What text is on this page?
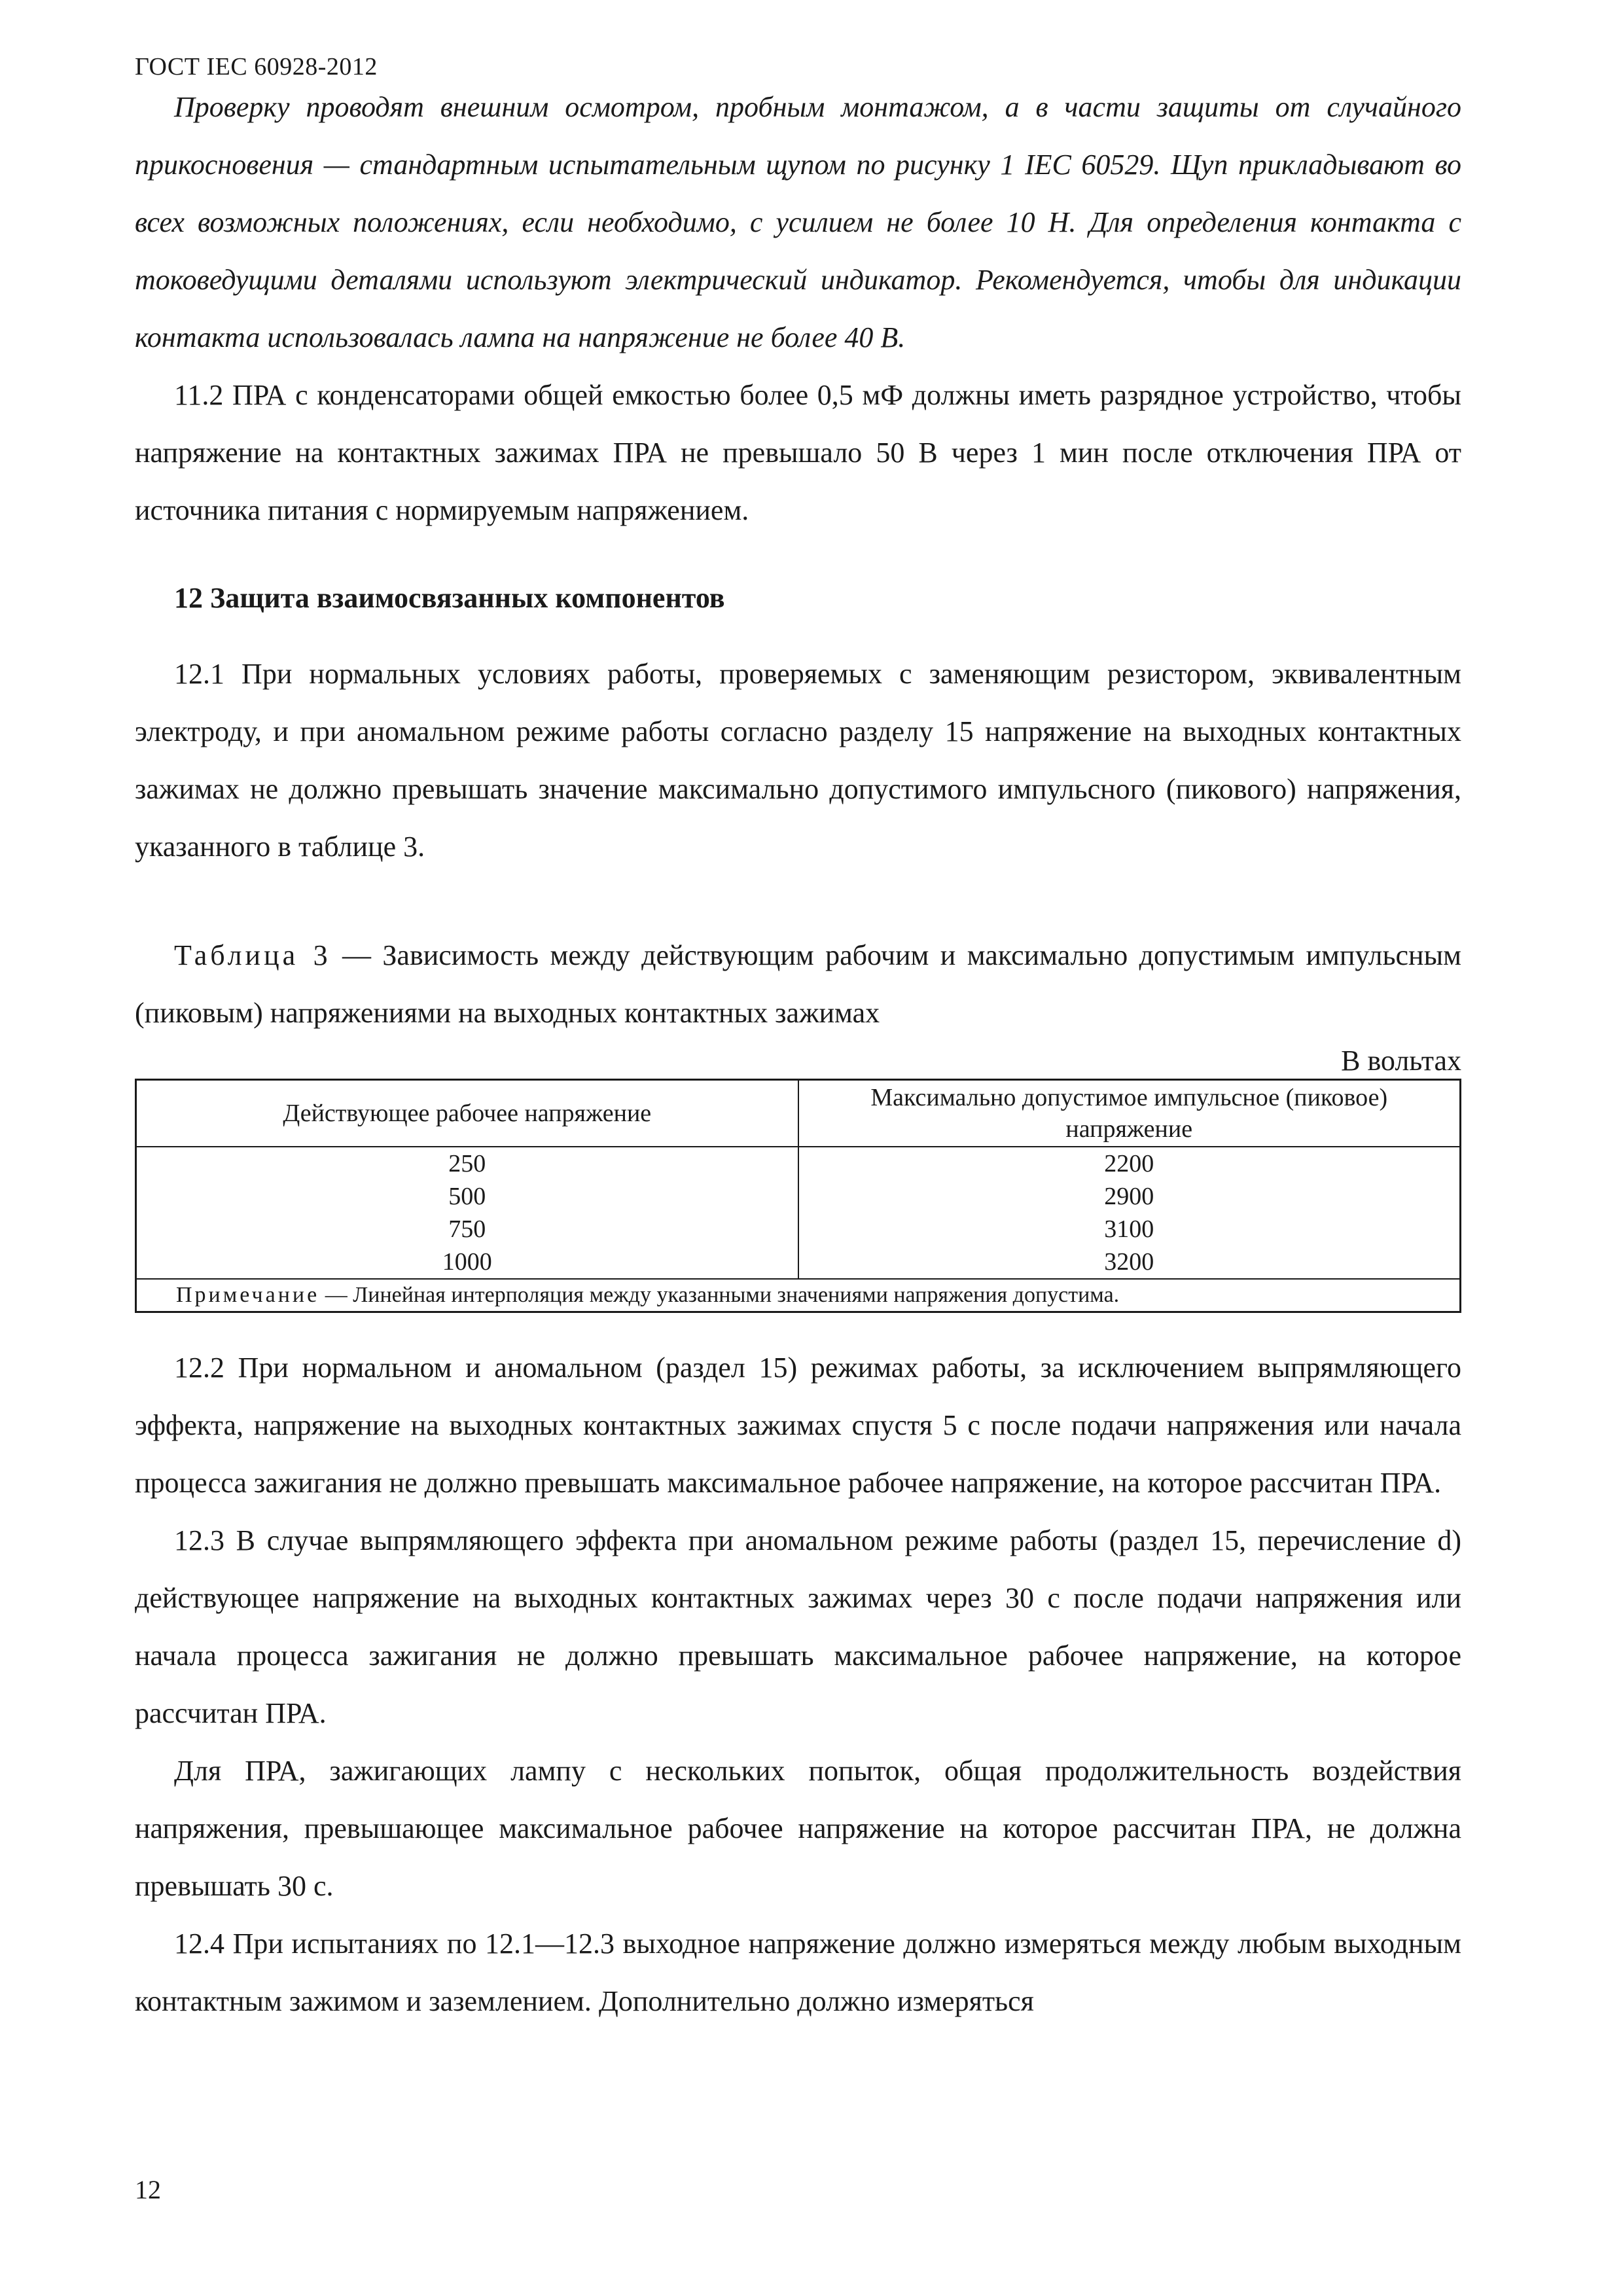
ГОСТ IEC 60928-2012

Проверку проводят внешним осмотром, пробным монтажом, а в части защиты от случайного прикосновения — стандартным испытательным щупом по рисунку 1 IEC 60529. Щуп прикладывают во всех возможных положениях, если необходимо, с усилием не более 10 Н. Для определения контакта с токоведущими деталями используют электрический индикатор. Рекомендуется, чтобы для индикации контакта использовалась лампа на напряжение не более 40 В.

11.2 ПРА с конденсаторами общей емкостью более 0,5 мФ должны иметь разрядное устройство, чтобы напряжение на контактных зажимах ПРА не превышало 50 В через 1 мин после отключения ПРА от источника питания с нормируемым напряжением.

12 Защита взаимосвязанных компонентов

12.1 При нормальных условиях работы, проверяемых с заменяющим резистором, эквивалентным электроду, и при аномальном режиме работы согласно разделу 15 напряжение на выходных контактных зажимах не должно превышать значение максимально допустимого импульсного (пикового) напряжения, указанного в таблице 3.

Таблица 3 — Зависимость между действующим рабочим и максимально допустимым импульсным (пиковым) напряжениями на выходных контактных зажимах

В вольтах
Действующее рабочее напряжение	Максимально допустимое импульсное (пиковое) напряжение
250	2200
500	2900
750	3100
1000	3200
Примечание — Линейная интерполяция между указанными значениями напряжения допустима.	

12.2 При нормальном и аномальном (раздел 15) режимах работы, за исключением выпрямляющего эффекта, напряжение на выходных контактных зажимах спустя 5 с после подачи напряжения или начала процесса зажигания не должно превышать максимальное рабочее напряжение, на которое рассчитан ПРА.

12.3 В случае выпрямляющего эффекта при аномальном режиме работы (раздел 15, перечисление d) действующее напряжение на выходных контактных зажимах через 30 с после подачи напряжения или начала процесса зажигания не должно превышать максимальное рабочее напряжение, на которое рассчитан ПРА.

Для ПРА, зажигающих лампу с нескольких попыток, общая продолжительность воздействия напряжения, превышающее максимальное рабочее напряжение на которое рассчитан ПРА, не должна превышать 30 с.

12.4 При испытаниях по 12.1—12.3 выходное напряжение должно измеряться между любым выходным контактным зажимом и заземлением. Дополнительно должно измеряться

12
